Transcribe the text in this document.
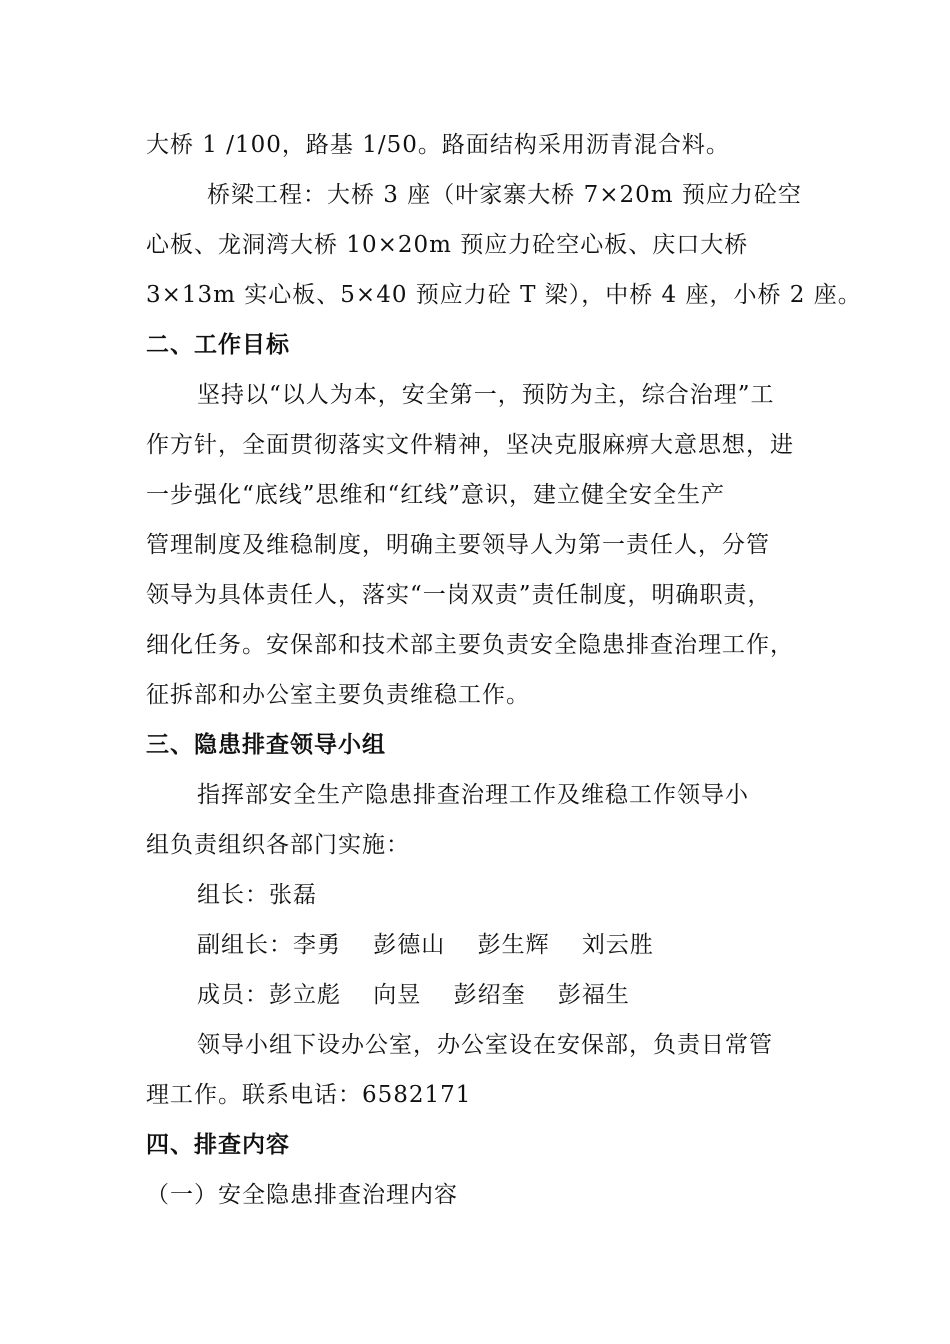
大桥 1 /100，路基 1/50。路面结构采用沥青混合料。
桥梁工程：大桥 3 座（叶家寨大桥 7×20m 预应力砼空
心板、龙洞湾大桥 10×20m 预应力砼空心板、庆口大桥
3×13m 实心板、5×40 预应力砼 T 梁），中桥 4 座，小桥 2 座。
二、工作目标
坚持以“以人为本，安全第一，预防为主，综合治理”工
作方针，全面贯彻落实文件精神，坚决克服麻痹大意思想，进
一步强化“底线”思维和“红线”意识，建立健全安全生产
管理制度及维稳制度，明确主要领导人为第一责任人，分管
领导为具体责任人，落实“一岗双责”责任制度，明确职责，
细化任务。安保部和技术部主要负责安全隐患排查治理工作，
征拆部和办公室主要负责维稳工作。
三、隐患排查领导小组
指挥部安全生产隐患排查治理工作及维稳工作领导小
组负责组织各部门实施：
组长：张磊
副组长：李勇　 彭德山　 彭生辉　 刘云胜
成员：彭立彪　 向昱　 彭绍奎　 彭福生
领导小组下设办公室，办公室设在安保部，负责日常管
理工作。联系电话：6582171
四、排查内容
（一）安全隐患排查治理内容
